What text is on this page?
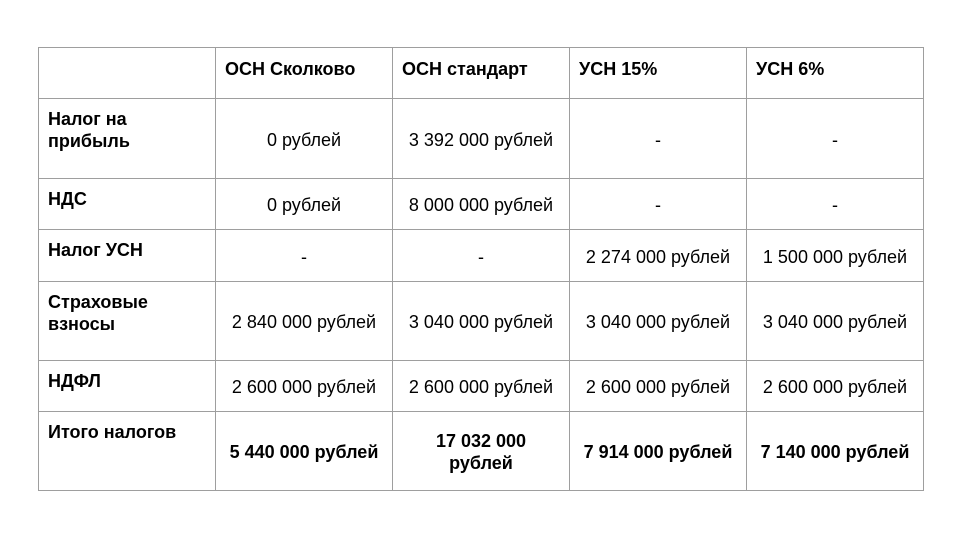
	ОСН Сколково	ОСН стандарт	УСН 15%	УСН 6%
Налог на прибыль	0 рублей	3 392 000 рублей	-	-
НДС	0 рублей	8 000 000 рублей	-	-
Налог УСН	-	-	2 274 000 рублей	1 500 000 рублей
Страховые взносы	2 840 000 рублей	3 040 000 рублей	3 040 000 рублей	3 040 000 рублей
НДФЛ	2 600 000 рублей	2 600 000 рублей	2 600 000 рублей	2 600 000 рублей
Итого налогов	5 440 000 рублей	17 032 000 рублей	7 914 000 рублей	7 140 000 рублей
